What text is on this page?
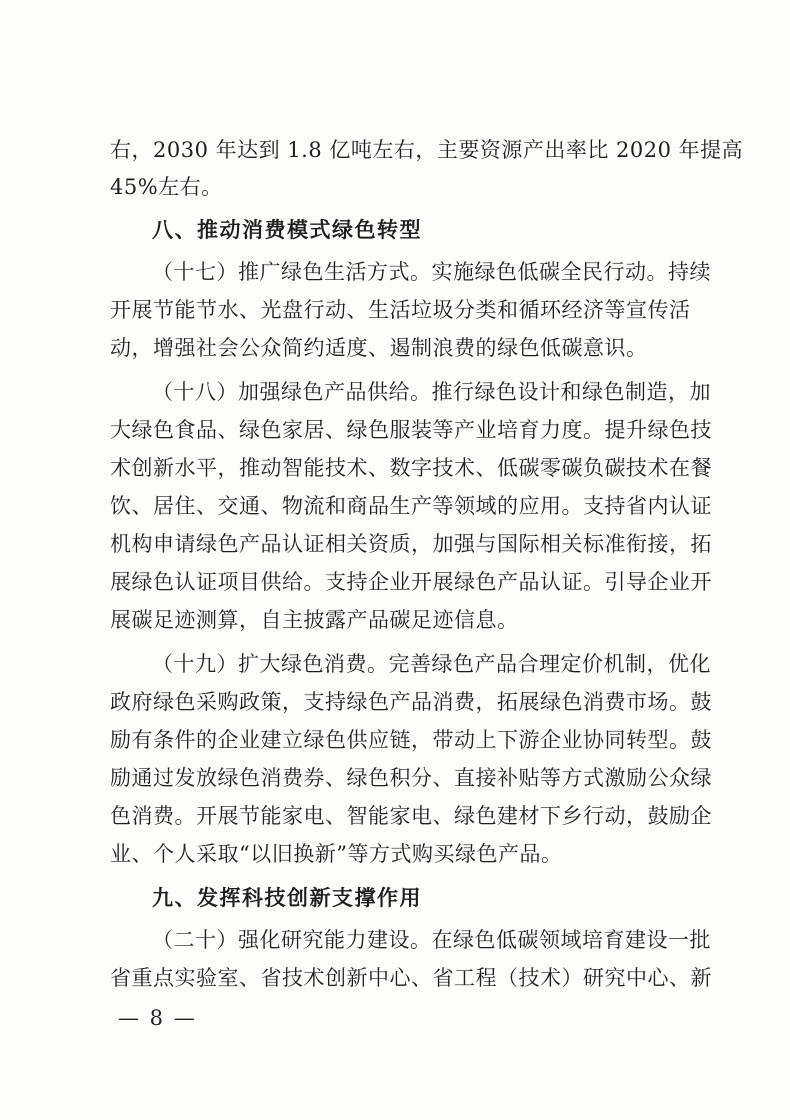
右，2030 年达到 1.8 亿吨左右，主要资源产出率比 2020 年提高
45%左右。
八、推动消费模式绿色转型
（十七）推广绿色生活方式。实施绿色低碳全民行动。持续
开展节能节水、光盘行动、生活垃圾分类和循环经济等宣传活
动，增强社会公众简约适度、遏制浪费的绿色低碳意识。
（十八）加强绿色产品供给。推行绿色设计和绿色制造，加
大绿色食品、绿色家居、绿色服装等产业培育力度。提升绿色技
术创新水平，推动智能技术、数字技术、低碳零碳负碳技术在餐
饮、居住、交通、物流和商品生产等领域的应用。支持省内认证
机构申请绿色产品认证相关资质，加强与国际相关标准衔接，拓
展绿色认证项目供给。支持企业开展绿色产品认证。引导企业开
展碳足迹测算，自主披露产品碳足迹信息。
（十九）扩大绿色消费。完善绿色产品合理定价机制，优化
政府绿色采购政策，支持绿色产品消费，拓展绿色消费市场。鼓
励有条件的企业建立绿色供应链，带动上下游企业协同转型。鼓
励通过发放绿色消费券、绿色积分、直接补贴等方式激励公众绿
色消费。开展节能家电、智能家电、绿色建材下乡行动，鼓励企
业、个人采取“以旧换新”等方式购买绿色产品。
九、发挥科技创新支撑作用
（二十）强化研究能力建设。在绿色低碳领域培育建设一批
省重点实验室、省技术创新中心、省工程（技术）研究中心、新
— 8 —
